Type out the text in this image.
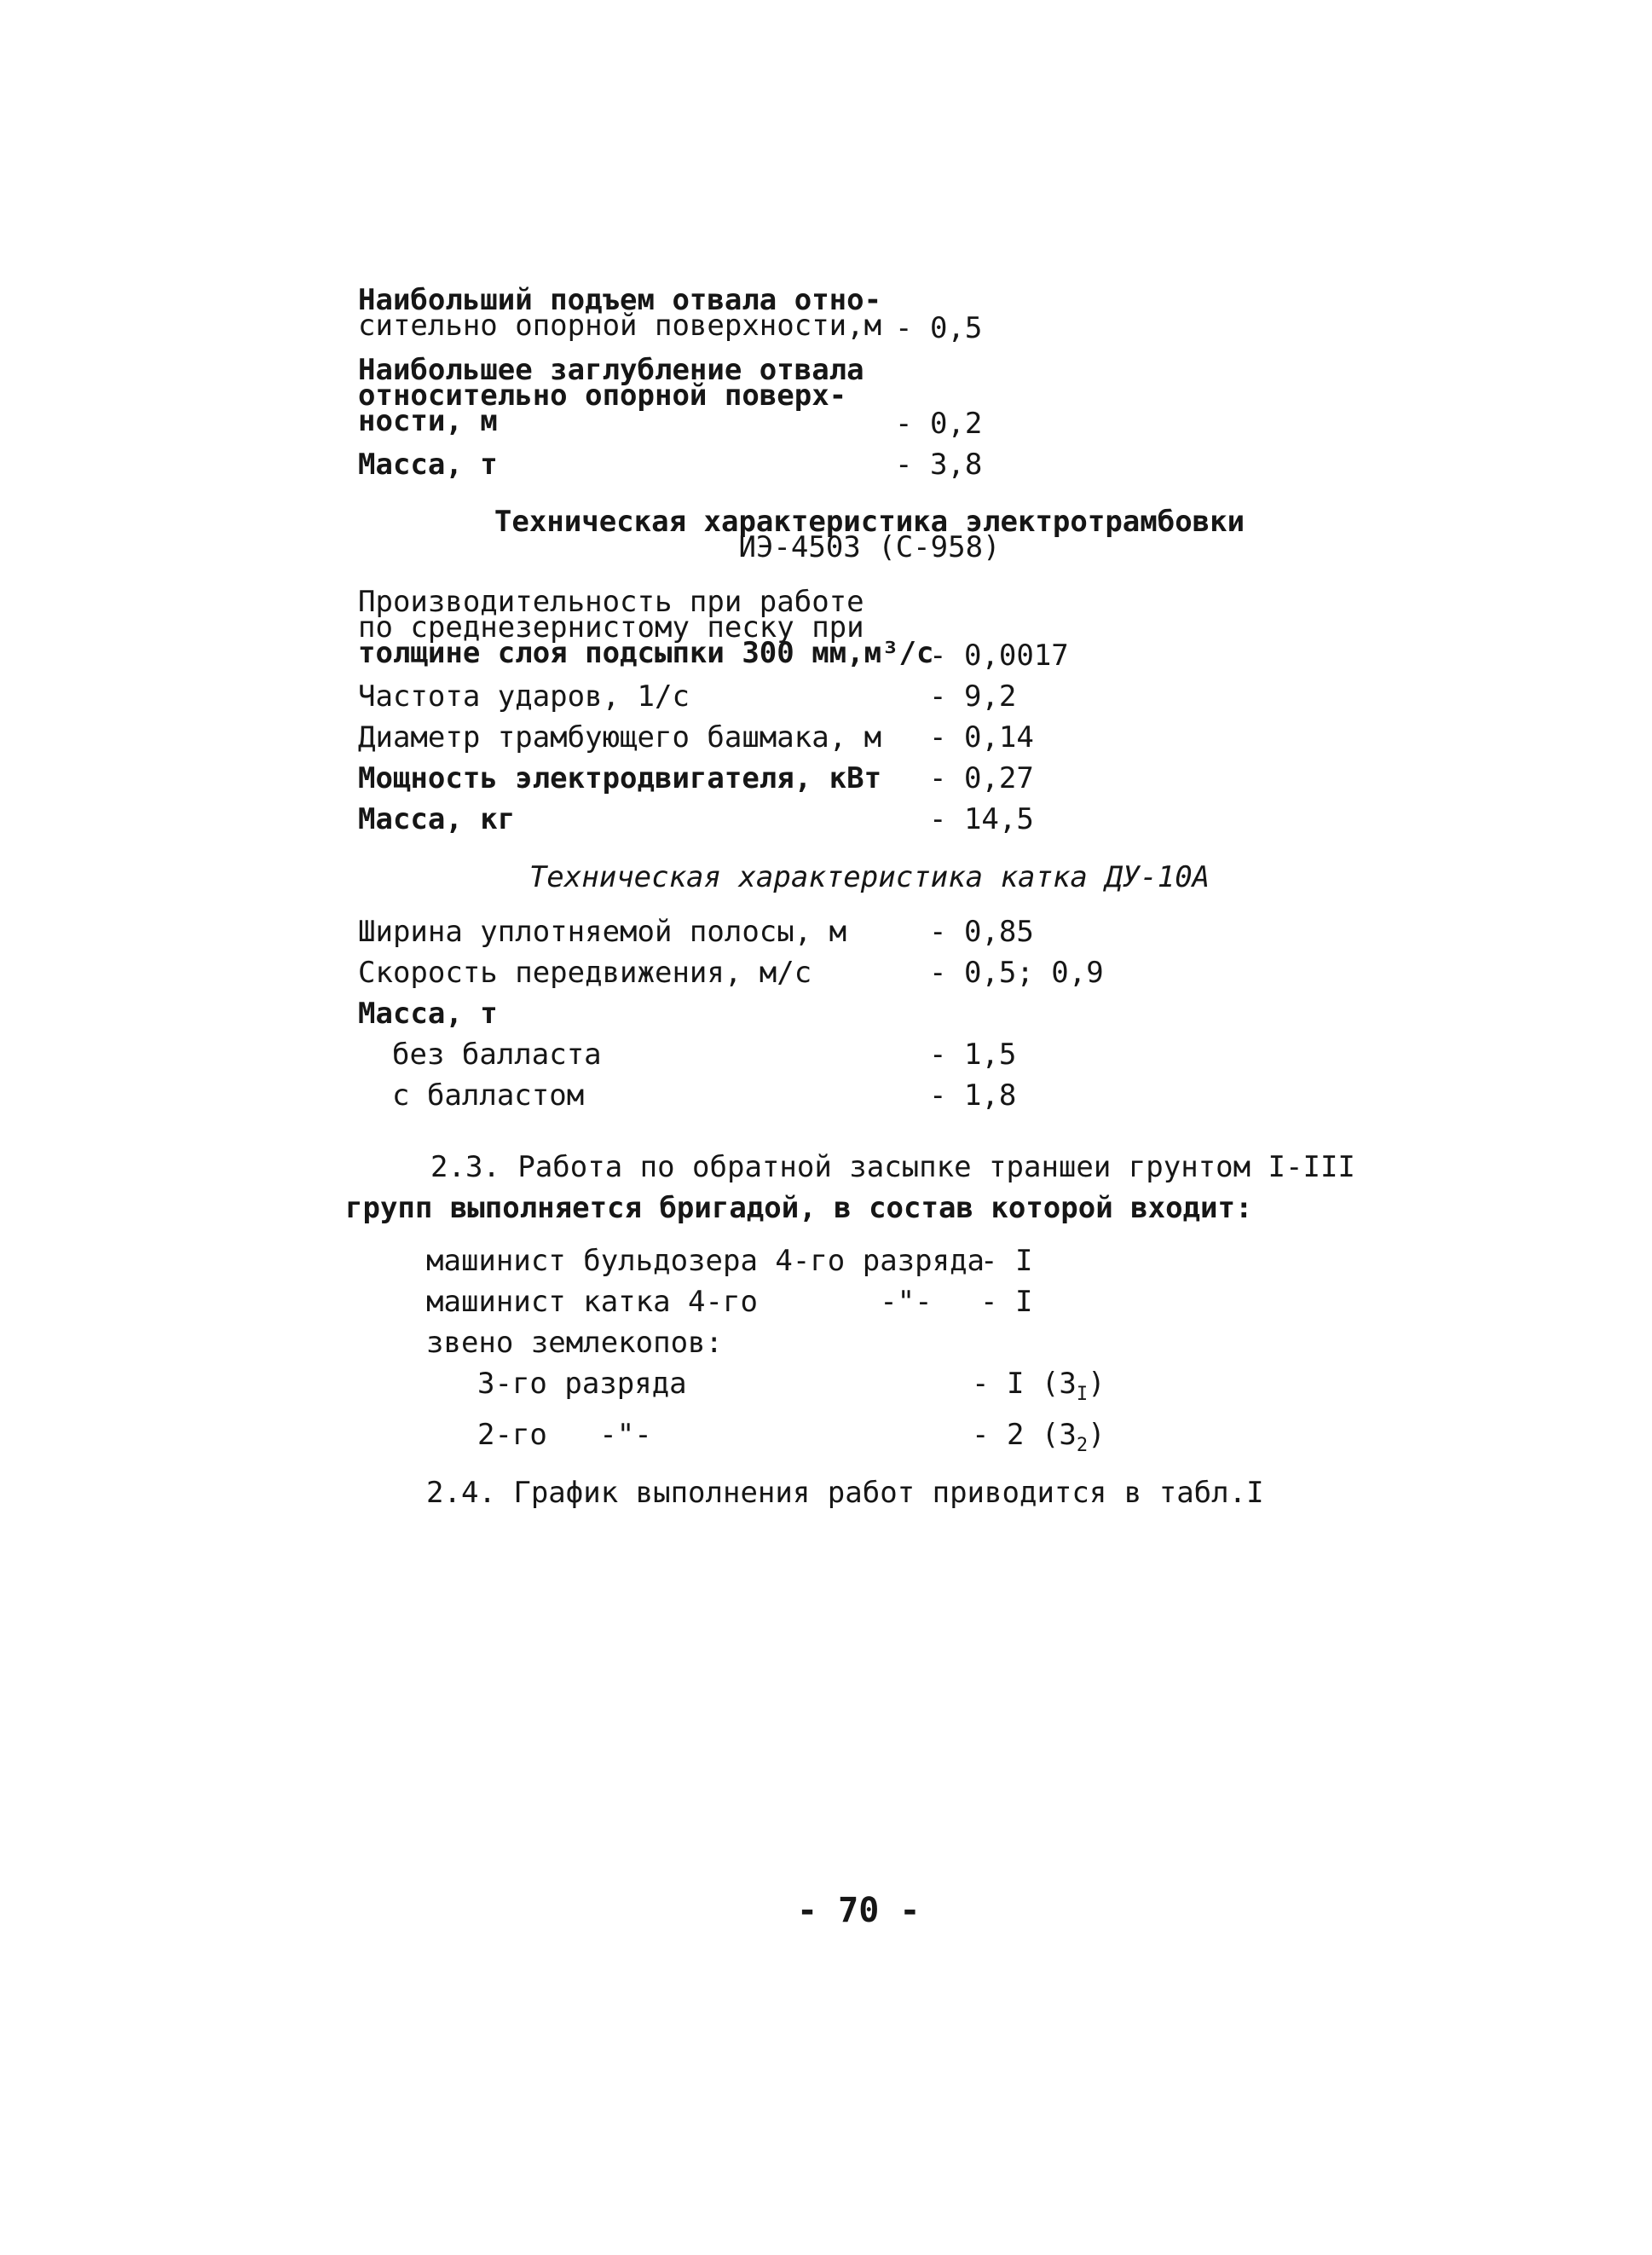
Наибольший подъем отвала отно-
сительно опорной поверхности,м - 0,5
Наибольшее заглубление отвала
относительно опорной поверх-
ности, м	- 0,2
Масса, т	- 3,8
Техническая характеристика электротрамбовки
ИЭ-4503 (С-958)
Производительность при работе
по среднезернистому песку при
толщине слоя подсыпки 300 мм,м³/с
- 0,0017
Частота ударов, 1/с	- 9,2
Диаметр трамбующего башмака, м - 0,14
Мощность электродвигателя, кВт - 0,27
Масса, кг	- 14,5
Техническая характеристика катка ДУ-10А
Ширина уплотняемой полосы, м	- 0,85
Скорость передвижения, м/с	- 0,5; 0,9
Масса, т
без балласта	- 1,5
с балластом	- 1,8
2.3. Работа по обратной засыпке траншеи грунтом I-III
групп выполняется бригадой, в состав которой входит:
машинист бульдозера 4-го разряда
- I
машинист катка 4-го       -"- - I
звено землекопов:
3-го разряда	- I $(З_I)$
2-го   -"-	- 2 $(З_2)$
2.4. График выполнения работ приводится в табл.I
- 70 -
